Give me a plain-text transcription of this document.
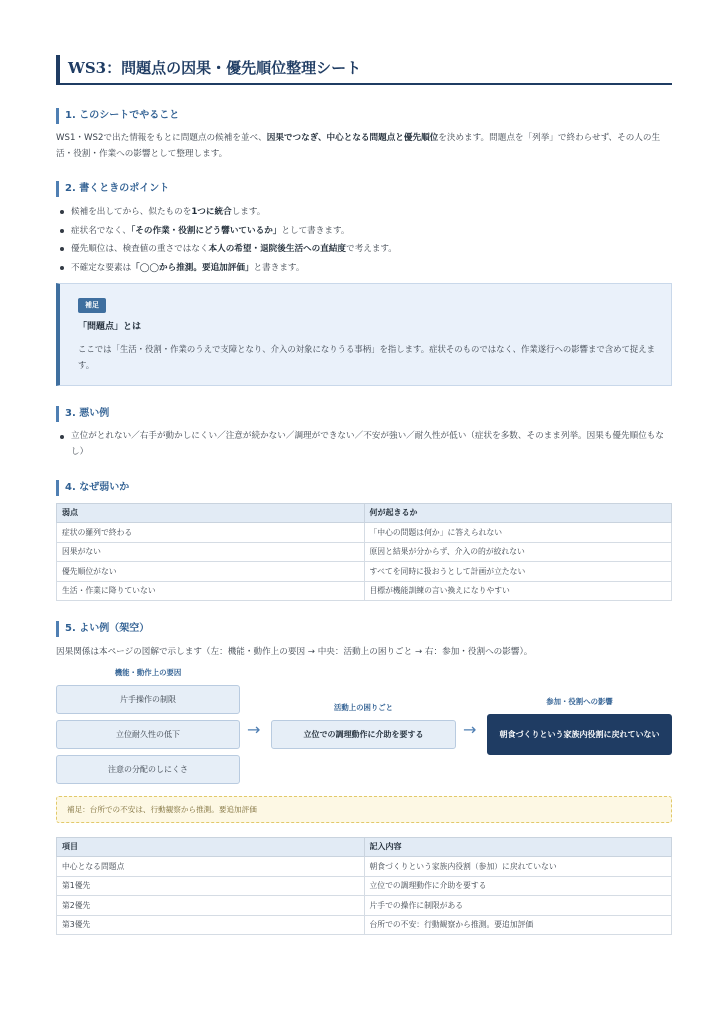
WS3：問題点の因果・優先順位整理シート
1. このシートでやること
WS1・WS2で出た情報をもとに問題点の候補を並べ、因果でつなぎ、中心となる問題点と優先順位を決めます。問題点を「列挙」で終わらせず、その人の生活・役割・作業への影響として整理します。
2. 書くときのポイント
候補を出してから、似たものを1つに統合します。
症状名でなく、「その作業・役割にどう響いているか」として書きます。
優先順位は、検査値の重さではなく本人の希望・退院後生活への直結度で考えます。
不確定な要素は「◯◯から推測。要追加評価」と書きます。
補足
「問題点」とは
ここでは「生活・役割・作業のうえで支障となり、介入の対象になりうる事柄」を指します。症状そのものではなく、作業遂行への影響まで含めて捉えます。
3. 悪い例
立位がとれない／右手が動かしにくい／注意が続かない／調理ができない／不安が強い／耐久性が低い（症状を多数、そのまま列挙。因果も優先順位もなし）
4. なぜ弱いか
弱点	何が起きるか
症状の羅列で終わる	「中心の問題は何か」に答えられない
因果がない	原因と結果が分からず、介入の的が絞れない
優先順位がない	すべてを同時に扱おうとして計画が立たない
生活・作業に降りていない	目標が機能訓練の言い換えになりやすい
5. よい例（架空）
因果関係は本ページの図解で示します（左：機能・動作上の要因 → 中央：活動上の困りごと → 右：参加・役割への影響）。
機能・動作上の要因
片手操作の制限
立位耐久性の低下
注意の分配のしにくさ
→
活動上の困りごと
立位での調理動作に介助を要する	→
参加・役割への影響
朝食づくりという家族内役割に戻れていない
補足：台所での不安は、行動観察から推測。要追加評価
項目	記入内容
中心となる問題点	朝食づくりという家族内役割（参加）に戻れていない
第1優先	立位での調理動作に介助を要する
第2優先	片手での操作に制限がある
第3優先	台所での不安：行動観察から推測。要追加評価
